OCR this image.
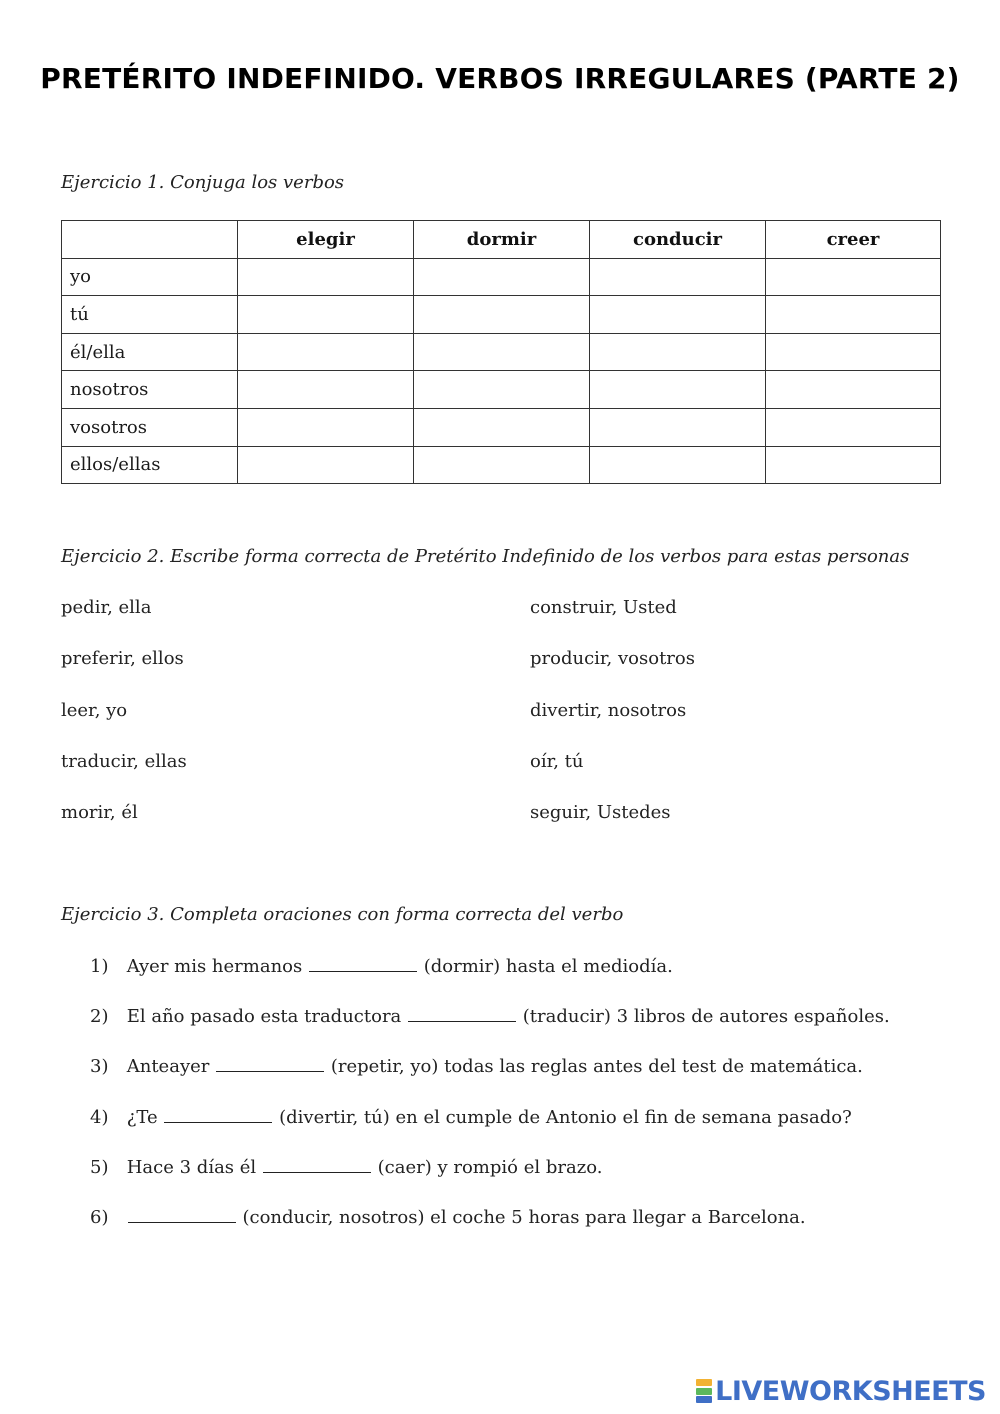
PRETÉRITO INDEFINIDO. VERBOS IRREGULARES (PARTE 2)
Ejercicio 1. Conjuga los verbos
	elegir	dormir	conducir	creer
yo				
tú				
él/ella				
nosotros				
vosotros				
ellos/ellas				
Ejercicio 2. Escribe forma correcta de Pretérito Indefinido de los verbos para estas personas
pedir, ella
preferir, ellos
leer, yo
traducir, ellas
morir, él
construir, Usted
producir, vosotros
divertir, nosotros
oír, tú
seguir, Ustedes
Ejercicio 3. Completa oraciones con forma correcta del verbo
1) Ayer mis hermanos	(dormir) hasta el mediodía.
2) El año pasado esta traductora	(traducir) 3 libros de autores españoles.
3) Anteayer	(repetir, yo) todas las reglas antes del test de matemática.
4) ¿Te	(divertir, tú) en el cumple de Antonio el fin de semana pasado?
5) Hace 3 días él	(caer) y rompió el brazo.
6)	(conducir, nosotros) el coche 5 horas para llegar a Barcelona.
LIVEWORKSHEETS
